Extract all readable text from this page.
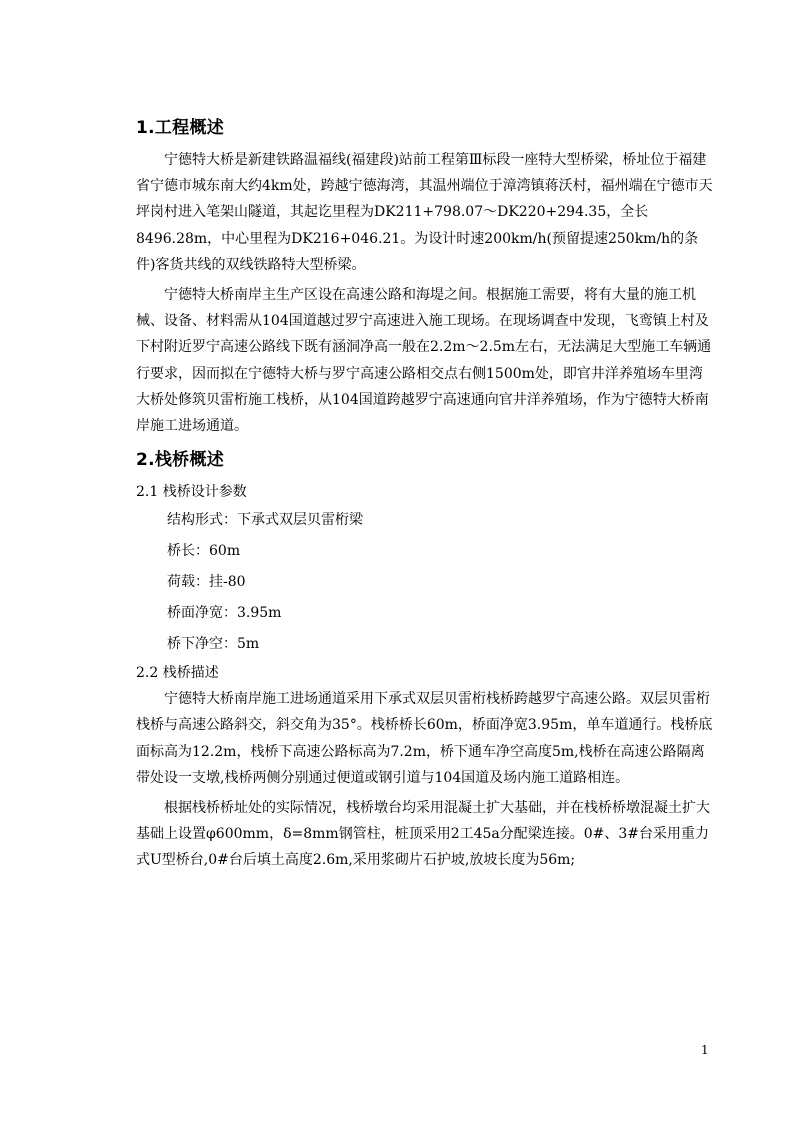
1.工程概述

宁德特大桥是新建铁路温福线(福建段)站前工程第Ⅲ标段一座特大型桥梁，桥址位于福建省宁德市城东南大约4km处，跨越宁德海湾，其温州端位于漳湾镇蒋沃村，福州端在宁德市天坪岗村进入笔架山隧道，其起讫里程为DK211+798.07～DK220+294.35，全长8496.28m，中心里程为DK216+046.21。为设计时速200km/h(预留提速250km/h的条件)客货共线的双线铁路特大型桥梁。

宁德特大桥南岸主生产区设在高速公路和海堤之间。根据施工需要，将有大量的施工机械、设备、材料需从104国道越过罗宁高速进入施工现场。在现场调查中发现，飞鸾镇上村及下村附近罗宁高速公路线下既有涵洞净高一般在2.2m～2.5m左右，无法满足大型施工车辆通行要求，因而拟在宁德特大桥与罗宁高速公路相交点右侧1500m处，即官井洋养殖场车里湾大桥处修筑贝雷桁施工栈桥，从104国道跨越罗宁高速通向官井洋养殖场，作为宁德特大桥南岸施工进场通道。

2.栈桥概述
2.1 栈桥设计参数
结构形式：下承式双层贝雷桁梁
桥长：60m
荷载：挂-80
桥面净宽：3.95m
桥下净空：5m
2.2 栈桥描述

宁德特大桥南岸施工进场通道采用下承式双层贝雷桁栈桥跨越罗宁高速公路。双层贝雷桁栈桥与高速公路斜交，斜交角为35°。栈桥桥长60m，桥面净宽3.95m，单车道通行。栈桥底面标高为12.2m，栈桥下高速公路标高为7.2m，桥下通车净空高度5m,栈桥在高速公路隔离带处设一支墩,栈桥两侧分别通过便道或钢引道与104国道及场内施工道路相连。

根据栈桥桥址处的实际情况，栈桥墩台均采用混凝土扩大基础，并在栈桥桥墩混凝土扩大基础上设置φ600mm，δ=8mm钢管柱，桩顶采用2工45a分配梁连接。0#、3#台采用重力式U型桥台,0#台后填土高度2.6m,采用浆砌片石护坡,放坡长度为56m;

1
